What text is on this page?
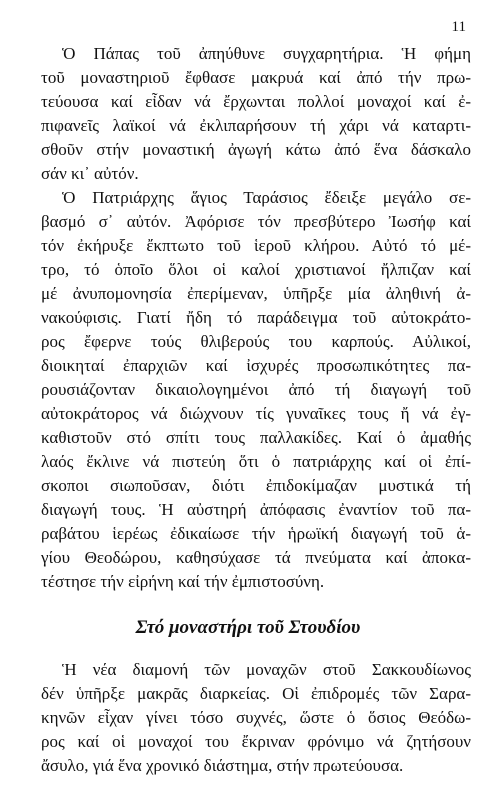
11
Ὁ Πάπας τοῦ ἀπηύθυνε συγχαρητήρια. Ἡ φήμη
τοῦ μοναστηριοῦ ἔφθασε μακρυά καί ἀπό τήν πρω-
τεύουσα καί εἶδαν νά ἔρχωνται πολλοί μοναχοί καί ἐ-
πιφανεῖς λαϊκοί νά ἐκλιπαρήσουν τή χάρι νά καταρτι-
σθοῦν στήν μοναστική ἀγωγή κάτω ἀπό ἕνα δάσκαλο
σάν κι᾽ αὐτόν.
Ὁ Πατριάρχης ἅγιος Ταράσιος ἔδειξε μεγάλο σε-
βασμό σ᾽ αὐτόν. Ἀφόρισε τόν πρεσβύτερο Ἰωσήφ καί
τόν ἐκήρυξε ἔκπτωτο τοῦ ἱεροῦ κλήρου. Αὐτό τό μέ-
τρο, τό ὁποῖο ὅλοι οἱ καλοί χριστιανοί ἤλπιζαν καί
μέ ἀνυπομονησία ἐπερίμεναν, ὑπῆρξε μία ἀληθινή ἀ-
νακούφισις. Γιατί ἤδη τό παράδειγμα τοῦ αὐτοκράτο-
ρος ἔφερνε τούς θλιβερούς του καρπούς. Αὐλικοί,
διοικηταί ἐπαρχιῶν καί ἰσχυρές προσωπικότητες πα-
ρουσιάζονταν δικαιολογημένοι ἀπό τή διαγωγή τοῦ
αὐτοκράτορος νά διώχνουν τίς γυναῖκες τους ἤ νά ἐγ-
καθιστοῦν στό σπίτι τους παλλακίδες. Καί ὁ ἀμαθής
λαός ἔκλινε νά πιστεύη ὅτι ὁ πατριάρχης καί οἱ ἐπί-
σκοποι σιωποῦσαν, διότι ἐπιδοκίμαζαν μυστικά τή
διαγωγή τους. Ἡ αὐστηρή ἀπόφασις ἐναντίον τοῦ πα-
ραβάτου ἱερέως ἐδικαίωσε τήν ἡρωϊκή διαγωγή τοῦ ἁ-
γίου Θεοδώρου, καθησύχασε τά πνεύματα καί ἀποκα-
τέστησε τήν εἰρήνη καί τήν ἐμπιστοσύνη.
Στό μοναστήρι τοῦ Στουδίου
Ἡ νέα διαμονή τῶν μοναχῶν στοῦ Σακκουδίωνος
δέν ὑπῆρξε μακρᾶς διαρκείας. Οἱ ἐπιδρομές τῶν Σαρα-
κηνῶν εἶχαν γίνει τόσο συχνές, ὥστε ὁ ὅσιος Θεόδω-
ρος καί οἱ μοναχοί του ἔκριναν φρόνιμο νά ζητήσουν
ἄσυλο, γιά ἕνα χρονικό διάστημα, στήν πρωτεύουσα.
